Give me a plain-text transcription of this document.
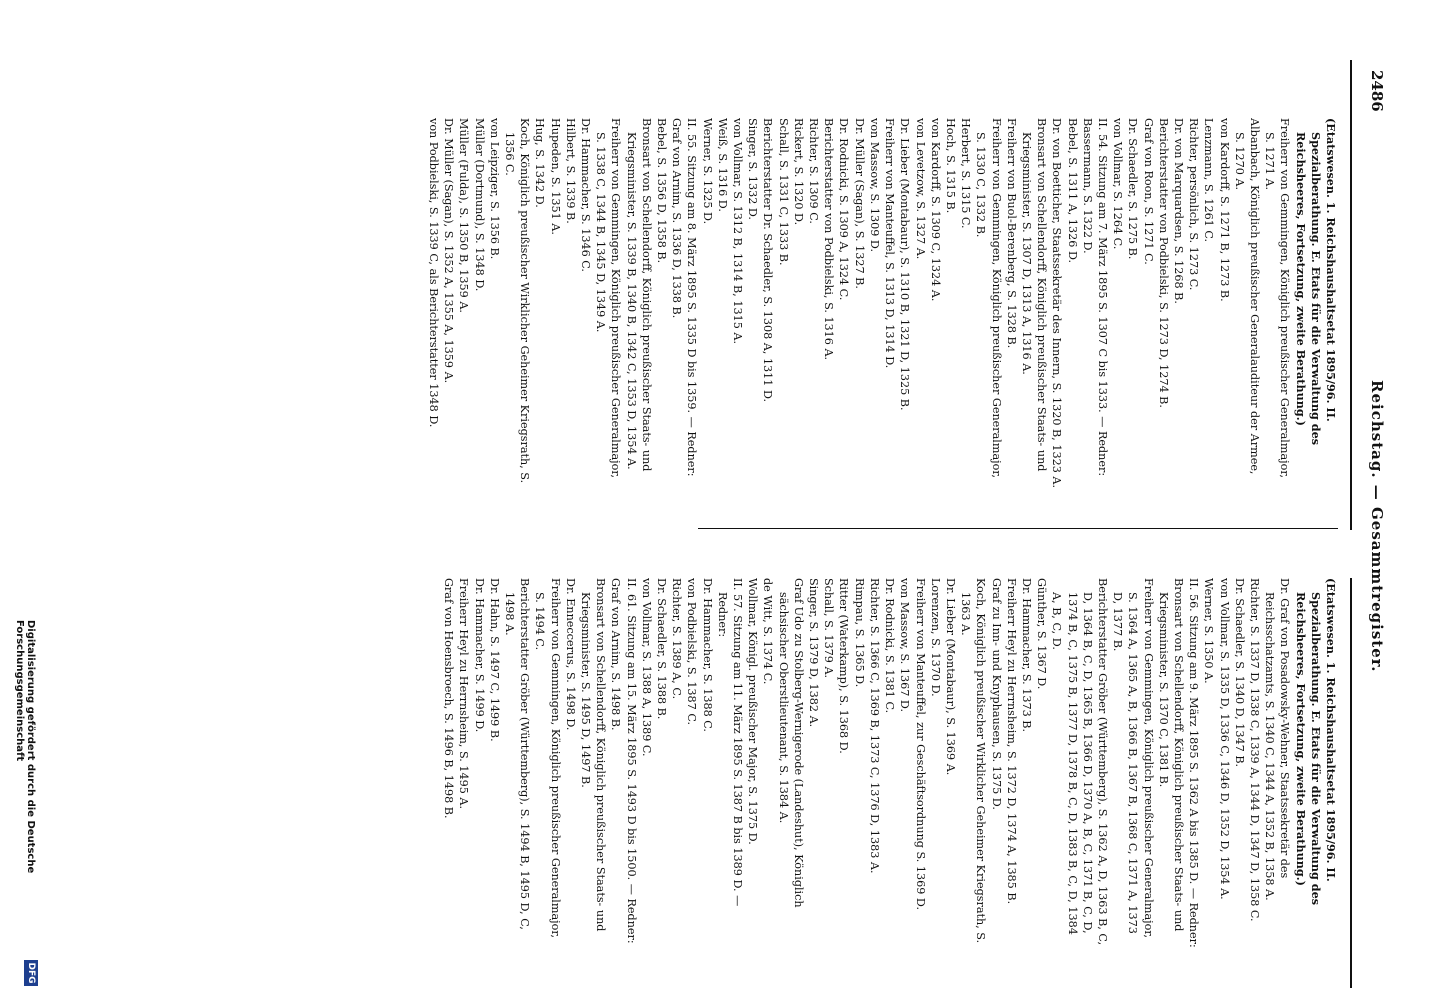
2486
Reichstag. — Gesammtregister.

(Etatswesen. 1. Reichshaushaltsetat 1895/96. II. Spezialberathung. E. Etats für die Verwaltung des Reichsheeres, Fortsetzung, zweite Berathung.)

Freiherr von Gemmingen, Königlich preußischer Generalmajor, S. 1271 A.

Albanbach, Königlich preußischer Generalauditeur der Armee, S. 1270 A.

von Kardorff, S. 1271 B, 1273 B.

Lenzmann, S. 1261 C.

Richter, persönlich, S. 1273 C.

Dr. von Marquardsen, S. 1268 B.

Berichterstatter von Podbielski, S. 1273 D, 1274 B.

Graf von Roon, S. 1271 C.

Dr. Schaedler, S. 1275 B.

von Vollmar, S. 1264 C.

II. 54. Sitzung am 7. März 1895 S. 1307 C bis 1333. — Redner:

Bassermann, S. 1322 D.

Bebel, S. 1311 A, 1326 D.

Dr. von Boetticher, Staatssekretär des Innern, S. 1320 B, 1323 A.

Bronsart von Schellendorff, Königlich preußischer Staats- und Kriegsminister, S. 1307 D, 1313 A, 1316 A.

Freiherr von Buol-Berenberg, S. 1328 B.

Freiherr von Gemmingen, Königlich preußischer Generalmajor, S. 1330 C, 1332 B.

Herbert, S. 1315 C.

Hoch, S. 1315 B.

von Kardorff, S. 1309 C, 1324 A.

von Levetzow, S. 1327 A.

Dr. Lieber (Montabaur), S. 1310 B, 1321 D, 1325 B.

Freiherr von Manteuffel, S. 1313 D, 1314 D.

von Massow, S. 1309 D.

Dr. Müller (Sagan), S. 1327 B.

Dr. Rodnicki, S. 1309 A, 1324 C.

Berichterstatter von Podbielski, S. 1316 A.

Richter, S. 1309 C.

Rickert, S. 1320 D.

Schall, S. 1331 C, 1333 B.

Berichterstatter Dr. Schaedler, S. 1308 A, 1311 D.

Singer, S. 1332 D.

von Vollmar, S. 1312 B, 1314 B, 1315 A.

Weiß, S. 1316 D.

Werner, S. 1325 D.

II. 55. Sitzung am 8. März 1895 S. 1335 D bis 1359. — Redner:

Graf von Arnim, S. 1336 D, 1338 B.

Bebel, S. 1356 D, 1358 B.

Bronsart von Schellendorff, Königlich preußischer Staats- und Kriegsminister, S. 1339 B, 1340 B, 1342 C, 1353 D, 1354 A.

Freiherr von Gemmingen, Königlich preußischer Generalmajor, S. 1338 C, 1344 B, 1345 D, 1349 A.

Dr. Hammacher, S. 1346 C.

Hilbert, S. 1339 B.

Hupeden, S. 1351 A.

Hug, S. 1342 D.

Koch, Königlich preußischer Wirklicher Geheimer Kriegsrath, S. 1356 C.

von Leipziger, S. 1356 B.

Müller (Dortmund), S. 1348 D.

Müller (Fulda), S. 1350 B, 1359 A.

Dr. Müller (Sagan), S. 1352 A, 1355 A, 1359 A.

von Podbielski, S. 1339 C, als Berichterstatter 1348 D.

(Etatswesen. 1. Reichshaushaltsetat 1895/96. II. Spezialberathung. E. Etats für die Verwaltung des Reichsheeres, Fortsetzung, zweite Berathung.)

Dr. Graf von Posadowsky-Wehner, Staatssekretär des Reichsschatzamts, S. 1340 C, 1344 A, 1352 B, 1358 A.

Richter, S. 1337 D, 1338 C, 1339 A, 1344 D, 1347 D, 1358 C.

Dr. Schaedler, S. 1340 D, 1347 B.

von Vollmar, S. 1335 D, 1336 C, 1346 D, 1352 D, 1354 A.

Werner, S. 1350 A.

II. 56. Sitzung am 9. März 1895 S. 1362 A bis 1385 D. — Redner:

Bronsart von Schellendorff, Königlich preußischer Staats- und Kriegsminister, S. 1370 C, 1381 B.

Freiherr von Gemmingen, Königlich preußischer Generalmajor, S. 1364 A, 1365 A, B, 1366 B, 1367 B, 1368 C, 1371 A, 1373 D, 1377 B.

Berichterstatter Gröber (Württemberg), S. 1362 A, D, 1363 B, C, D, 1364 B, C, D, 1365 B, 1366 D, 1370 A, B, C, 1371 B, C, D, 1374 B, C, 1375 B, 1377 D, 1378 B, C, D, 1383 B, C, D, 1384 A, B, C, D.

Günther, S. 1367 D.

Dr. Hammacher, S. 1373 B.

Freiherr Heyl zu Herrnsheim, S. 1372 D, 1374 A, 1385 B.

Graf zu Inn- und Knyphausen, S. 1375 D.

Koch, Königlich preußischer Wirklicher Geheimer Kriegsrath, S. 1363 A.

Dr. Lieber (Montabaur), S. 1369 A.

Lorenzen, S. 1370 D.

Freiherr von Manteuffel, zur Geschäftsordnung S. 1369 D.

von Massow, S. 1367 D.

Dr. Rodnicki, S. 1381 C.

Richter, S. 1366 C, 1369 B, 1373 C, 1376 D, 1383 A.

Rimpau, S. 1365 D.

Ritter (Waterkamp), S. 1368 D.

Schall, S. 1379 A.

Singer, S. 1379 D, 1382 A.

Graf Udo zu Stolberg-Wernigerode (Landeshut), Königlich sächsischer Oberstlieutenant, S. 1384 A.

de Witt, S. 1374 C.

Wollmar, Königl. preußischer Major, S. 1375 D.

II. 57. Sitzung am 11. März 1895 S. 1387 B bis 1389 D. — Redner:

Dr. Hammacher, S. 1388 C.

von Podbielski, S. 1387 C.

Richter, S. 1389 A, C.

Dr. Schaedler, S. 1388 B.

von Vollmar, S. 1388 A, 1389 C.

II. 61. Sitzung am 15. März 1895 S. 1493 D bis 1500. — Redner:

Graf von Arnim, S. 1498 B.

Bronsart von Schellendorff, Königlich preußischer Staats- und Kriegsminister, S. 1495 D, 1497 B.

Dr. Enneccerus, S. 1498 D.

Freiherr von Gemmingen, Königlich preußischer Generalmajor, S. 1494 C.

Berichterstatter Gröber (Württemberg), S. 1494 B, 1495 D, C, 1498 A.

Dr. Hahn, S. 1497 C, 1499 B.

Dr. Hammacher, S. 1499 D.

Freiherr Heyl zu Herrnsheim, S. 1495 A.

Graf von Hoensbroech, S. 1496 B, 1498 B.

Digitalisierung gefördert durch die Deutsche Forschungsgemeinschaft
DFG
